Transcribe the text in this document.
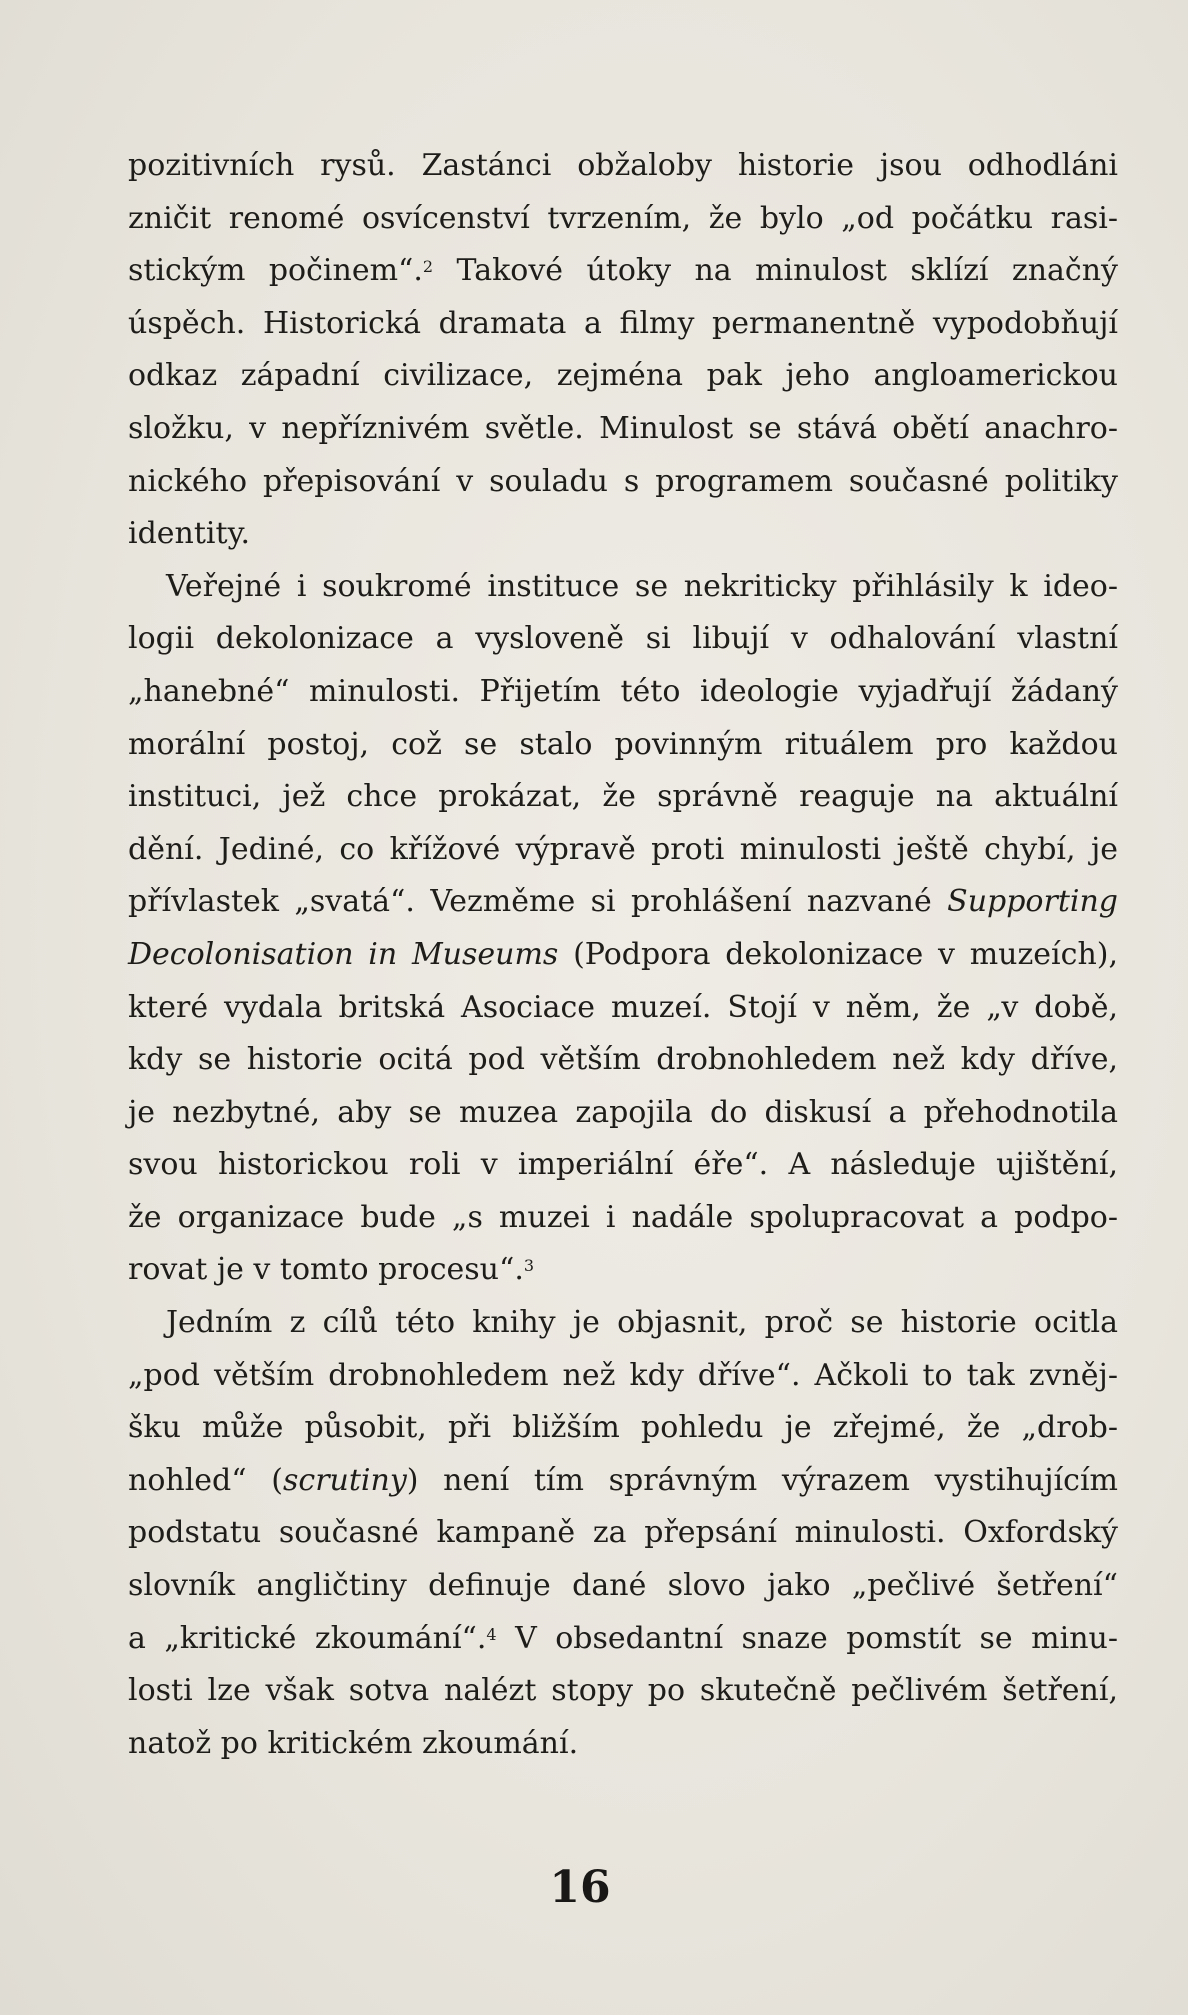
pozitivních rysů. Zastánci obžaloby historie jsou odhodláni
zničit renomé osvícenství tvrzením, že bylo „od počátku rasi-
stickým počinem“.$^2$ Takové útoky na minulost sklízí značný
úspěch. Historická dramata a filmy permanentně vypodobňují
odkaz západní civilizace, zejména pak jeho angloamerickou
složku, v nepříznivém světle. Minulost se stává obětí anachro-
nického přepisování v souladu s programem současné politiky
identity.
Veřejné i soukromé instituce se nekriticky přihlásily k ideo-
logii dekolonizace a vysloveně si libují v odhalování vlastní
„hanebné“ minulosti. Přijetím této ideologie vyjadřují žádaný
morální postoj, což se stalo povinným rituálem pro každou
instituci, jež chce prokázat, že správně reaguje na aktuální
dění. Jediné, co křížové výpravě proti minulosti ještě chybí, je
přívlastek „svatá“. Vezměme si prohlášení nazvané Supporting
Decolonisation in Museums (Podpora dekolonizace v muzeích),
které vydala britská Asociace muzeí. Stojí v něm, že „v době,
kdy se historie ocitá pod větším drobnohledem než kdy dříve,
je nezbytné, aby se muzea zapojila do diskusí a přehodnotila
svou historickou roli v imperiální éře“. A následuje ujištění,
že organizace bude „s muzei i nadále spolupracovat a podpo-
rovat je v tomto procesu“.$^3$
Jedním z cílů této knihy je objasnit, proč se historie ocitla
„pod větším drobnohledem než kdy dříve“. Ačkoli to tak zvněj-
šku může působit, při bližším pohledu je zřejmé, že „drob-
nohled“ (scrutiny) není tím správným výrazem vystihujícím
podstatu současné kampaně za přepsání minulosti. Oxfordský
slovník angličtiny definuje dané slovo jako „pečlivé šetření“
a „kritické zkoumání“.$^4$ V obsedantní snaze pomstít se minu-
losti lze však sotva nalézt stopy po skutečně pečlivém šetření,
natož po kritickém zkoumání.
16
